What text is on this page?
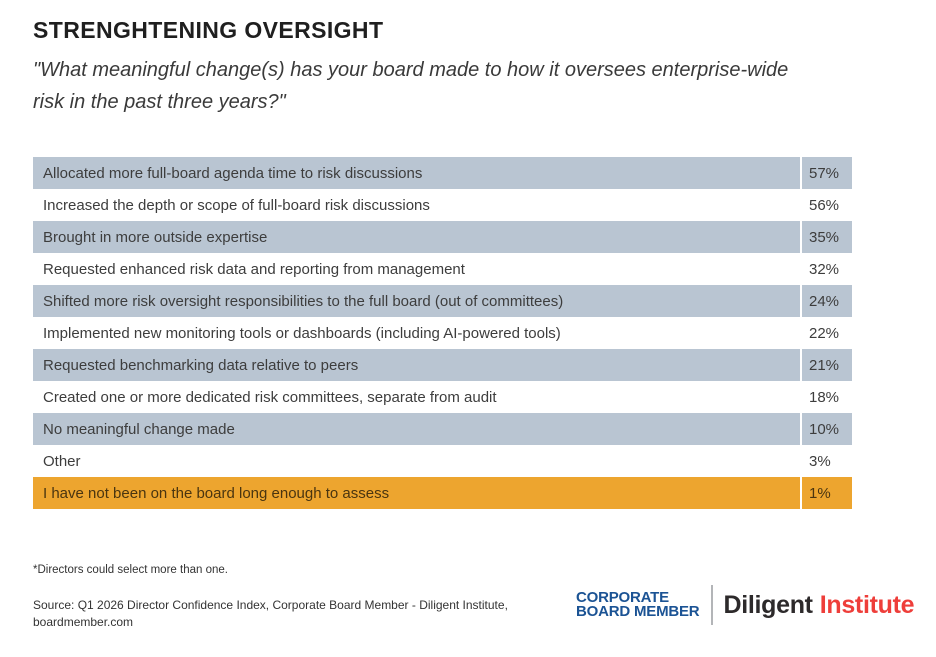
STRENGHTENING OVERSIGHT

"What meaningful change(s) has your board made to how it oversees enterprise-wide risk in the past three years?"

Allocated more full-board agenda time to risk discussions	57%
Increased the depth or scope of full-board risk discussions	56%
Brought in more outside expertise	35%
Requested enhanced risk data and reporting from management	32%
Shifted more risk oversight responsibilities to the full board (out of committees)	24%
Implemented new monitoring tools or dashboards (including AI-powered tools)	22%
Requested benchmarking data relative to peers	21%
Created one or more dedicated risk committees, separate from audit	18%
No meaningful change made	10%
Other	3%
I have not been on the board long enough to assess	1%
*Directors could select more than one.
Source: Q1 2026 Director Confidence Index, Corporate Board Member - Diligent Institute,
boardmember.com
CORPORATE
BOARD MEMBER Diligent Institute
